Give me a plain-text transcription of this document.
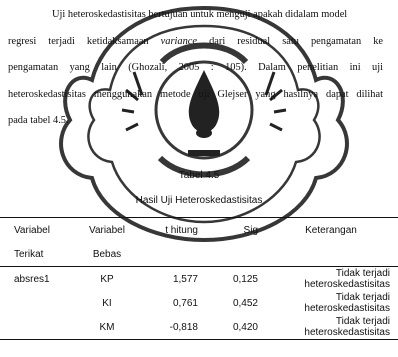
Uji heteroskedastisitas bertujuan untuk menguji apakah didalam model
regresi terjadi ketidaksamaan variance dari residual satu pengamatan ke
pengamatan yang lain (Ghozali, 2005 : 105). Dalam penelitian ini uji
heteroskedastisitas menggunakan metode uji Glejser yang hasilnya dapat dilihat
pada tabel 4.5.
Tabel 4.5
Hasil Uji Heteroskedastisitas
Variabel	Variabel	t hitung	Sig	Keterangan
Terikat	Bebas			
absres1	KP	1,577	0,125	Tidak terjadi heteroskedastisitas
	KI	0,761	0,452	Tidak terjadi heteroskedastisitas
	KM	-0,818	0,420	Tidak terjadi heteroskedastisitas
